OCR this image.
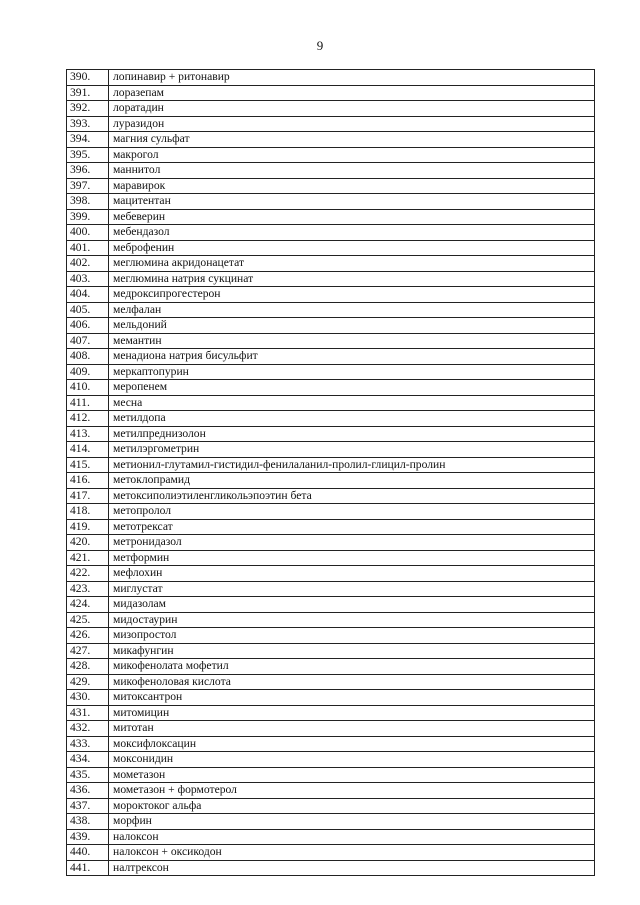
9
390.	лопинавир + ритонавир
391.	лоразепам
392.	лоратадин
393.	луразидон
394.	магния сульфат
395.	макрогол
396.	маннитол
397.	маравирок
398.	мацитентан
399.	мебеверин
400.	мебендазол
401.	меброфенин
402.	меглюмина акридонацетат
403.	меглюмина натрия сукцинат
404.	медроксипрогестерон
405.	мелфалан
406.	мельдоний
407.	мемантин
408.	менадиона натрия бисульфит
409.	меркаптопурин
410.	меропенем
411.	месна
412.	метилдопа
413.	метилпреднизолон
414.	метилэргометрин
415.	метионил-глутамил-гистидил-фенилаланил-пролил-глицил-пролин
416.	метоклопрамид
417.	метоксиполиэтиленгликольэпоэтин бета
418.	метопролол
419.	метотрексат
420.	метронидазол
421.	метформин
422.	мефлохин
423.	миглустат
424.	мидазолам
425.	мидостаурин
426.	мизопростол
427.	микафунгин
428.	микофенолата мофетил
429.	микофеноловая кислота
430.	митоксантрон
431.	митомицин
432.	митотан
433.	моксифлоксацин
434.	моксонидин
435.	мометазон
436.	мометазон + формотерол
437.	мороктоког альфа
438.	морфин
439.	налоксон
440.	налоксон + оксикодон
441.	налтрексон
